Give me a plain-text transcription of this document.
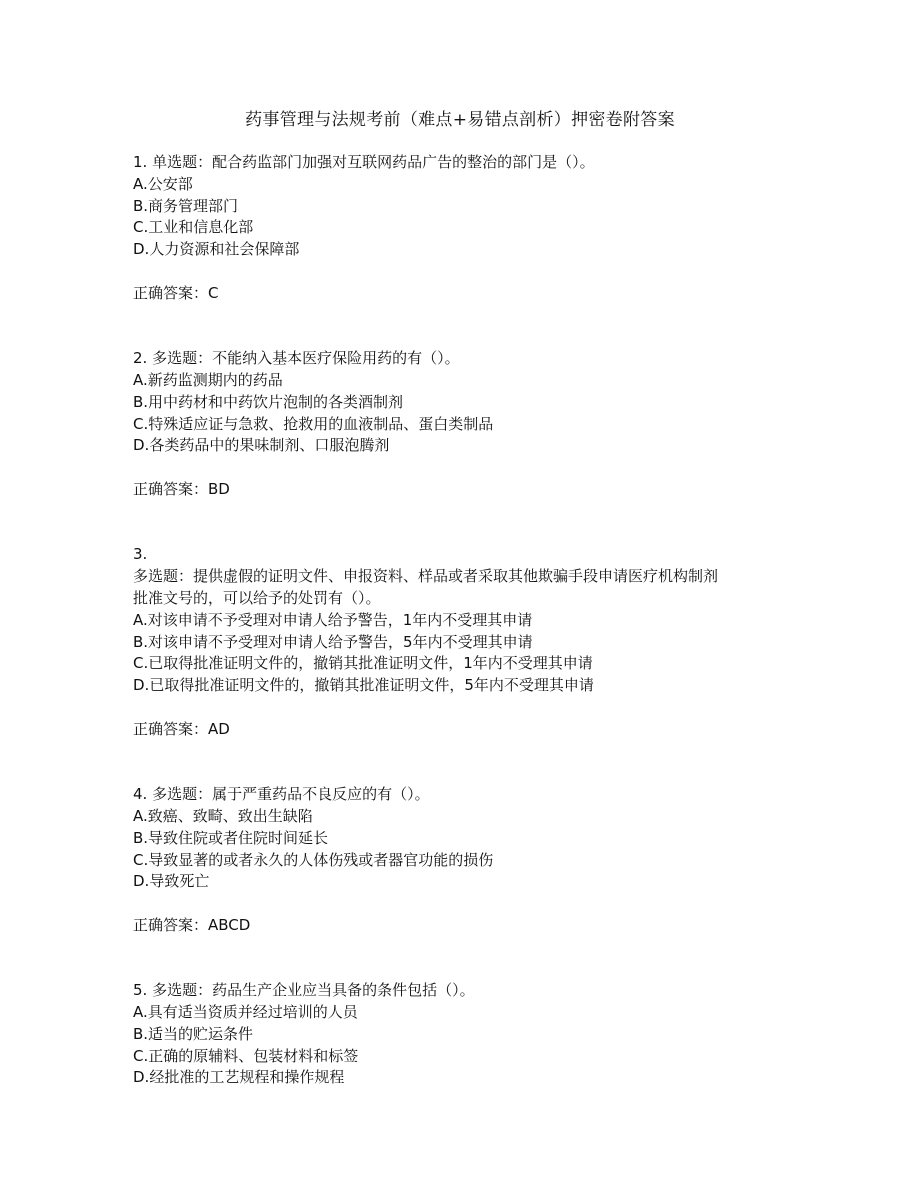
药事管理与法规考前（难点+易错点剖析）押密卷附答案
1. 单选题：配合药监部门加强对互联网药品广告的整治的部门是（）。
A.公安部
B.商务管理部门
C.工业和信息化部
D.人力资源和社会保障部
正确答案：C
2. 多选题：不能纳入基本医疗保险用药的有（）。
A.新药监测期内的药品
B.用中药材和中药饮片泡制的各类酒制剂
C.特殊适应证与急救、抢救用的血液制品、蛋白类制品
D.各类药品中的果味制剂、口服泡腾剂
正确答案：BD
3.
多选题：提供虚假的证明文件、申报资料、样品或者采取其他欺骗手段申请医疗机构制剂
批准文号的，可以给予的处罚有（）。
A.对该申请不予受理对申请人给予警告，1年内不受理其申请
B.对该申请不予受理对申请人给予警告，5年内不受理其申请
C.已取得批准证明文件的，撤销其批准证明文件，1年内不受理其申请
D.已取得批准证明文件的，撤销其批准证明文件，5年内不受理其申请
正确答案：AD
4. 多选题：属于严重药品不良反应的有（）。
A.致癌、致畸、致出生缺陷
B.导致住院或者住院时间延长
C.导致显著的或者永久的人体伤残或者器官功能的损伤
D.导致死亡
正确答案：ABCD
5. 多选题：药品生产企业应当具备的条件包括（）。
A.具有适当资质并经过培训的人员
B.适当的贮运条件
C.正确的原辅料、包装材料和标签
D.经批准的工艺规程和操作规程
